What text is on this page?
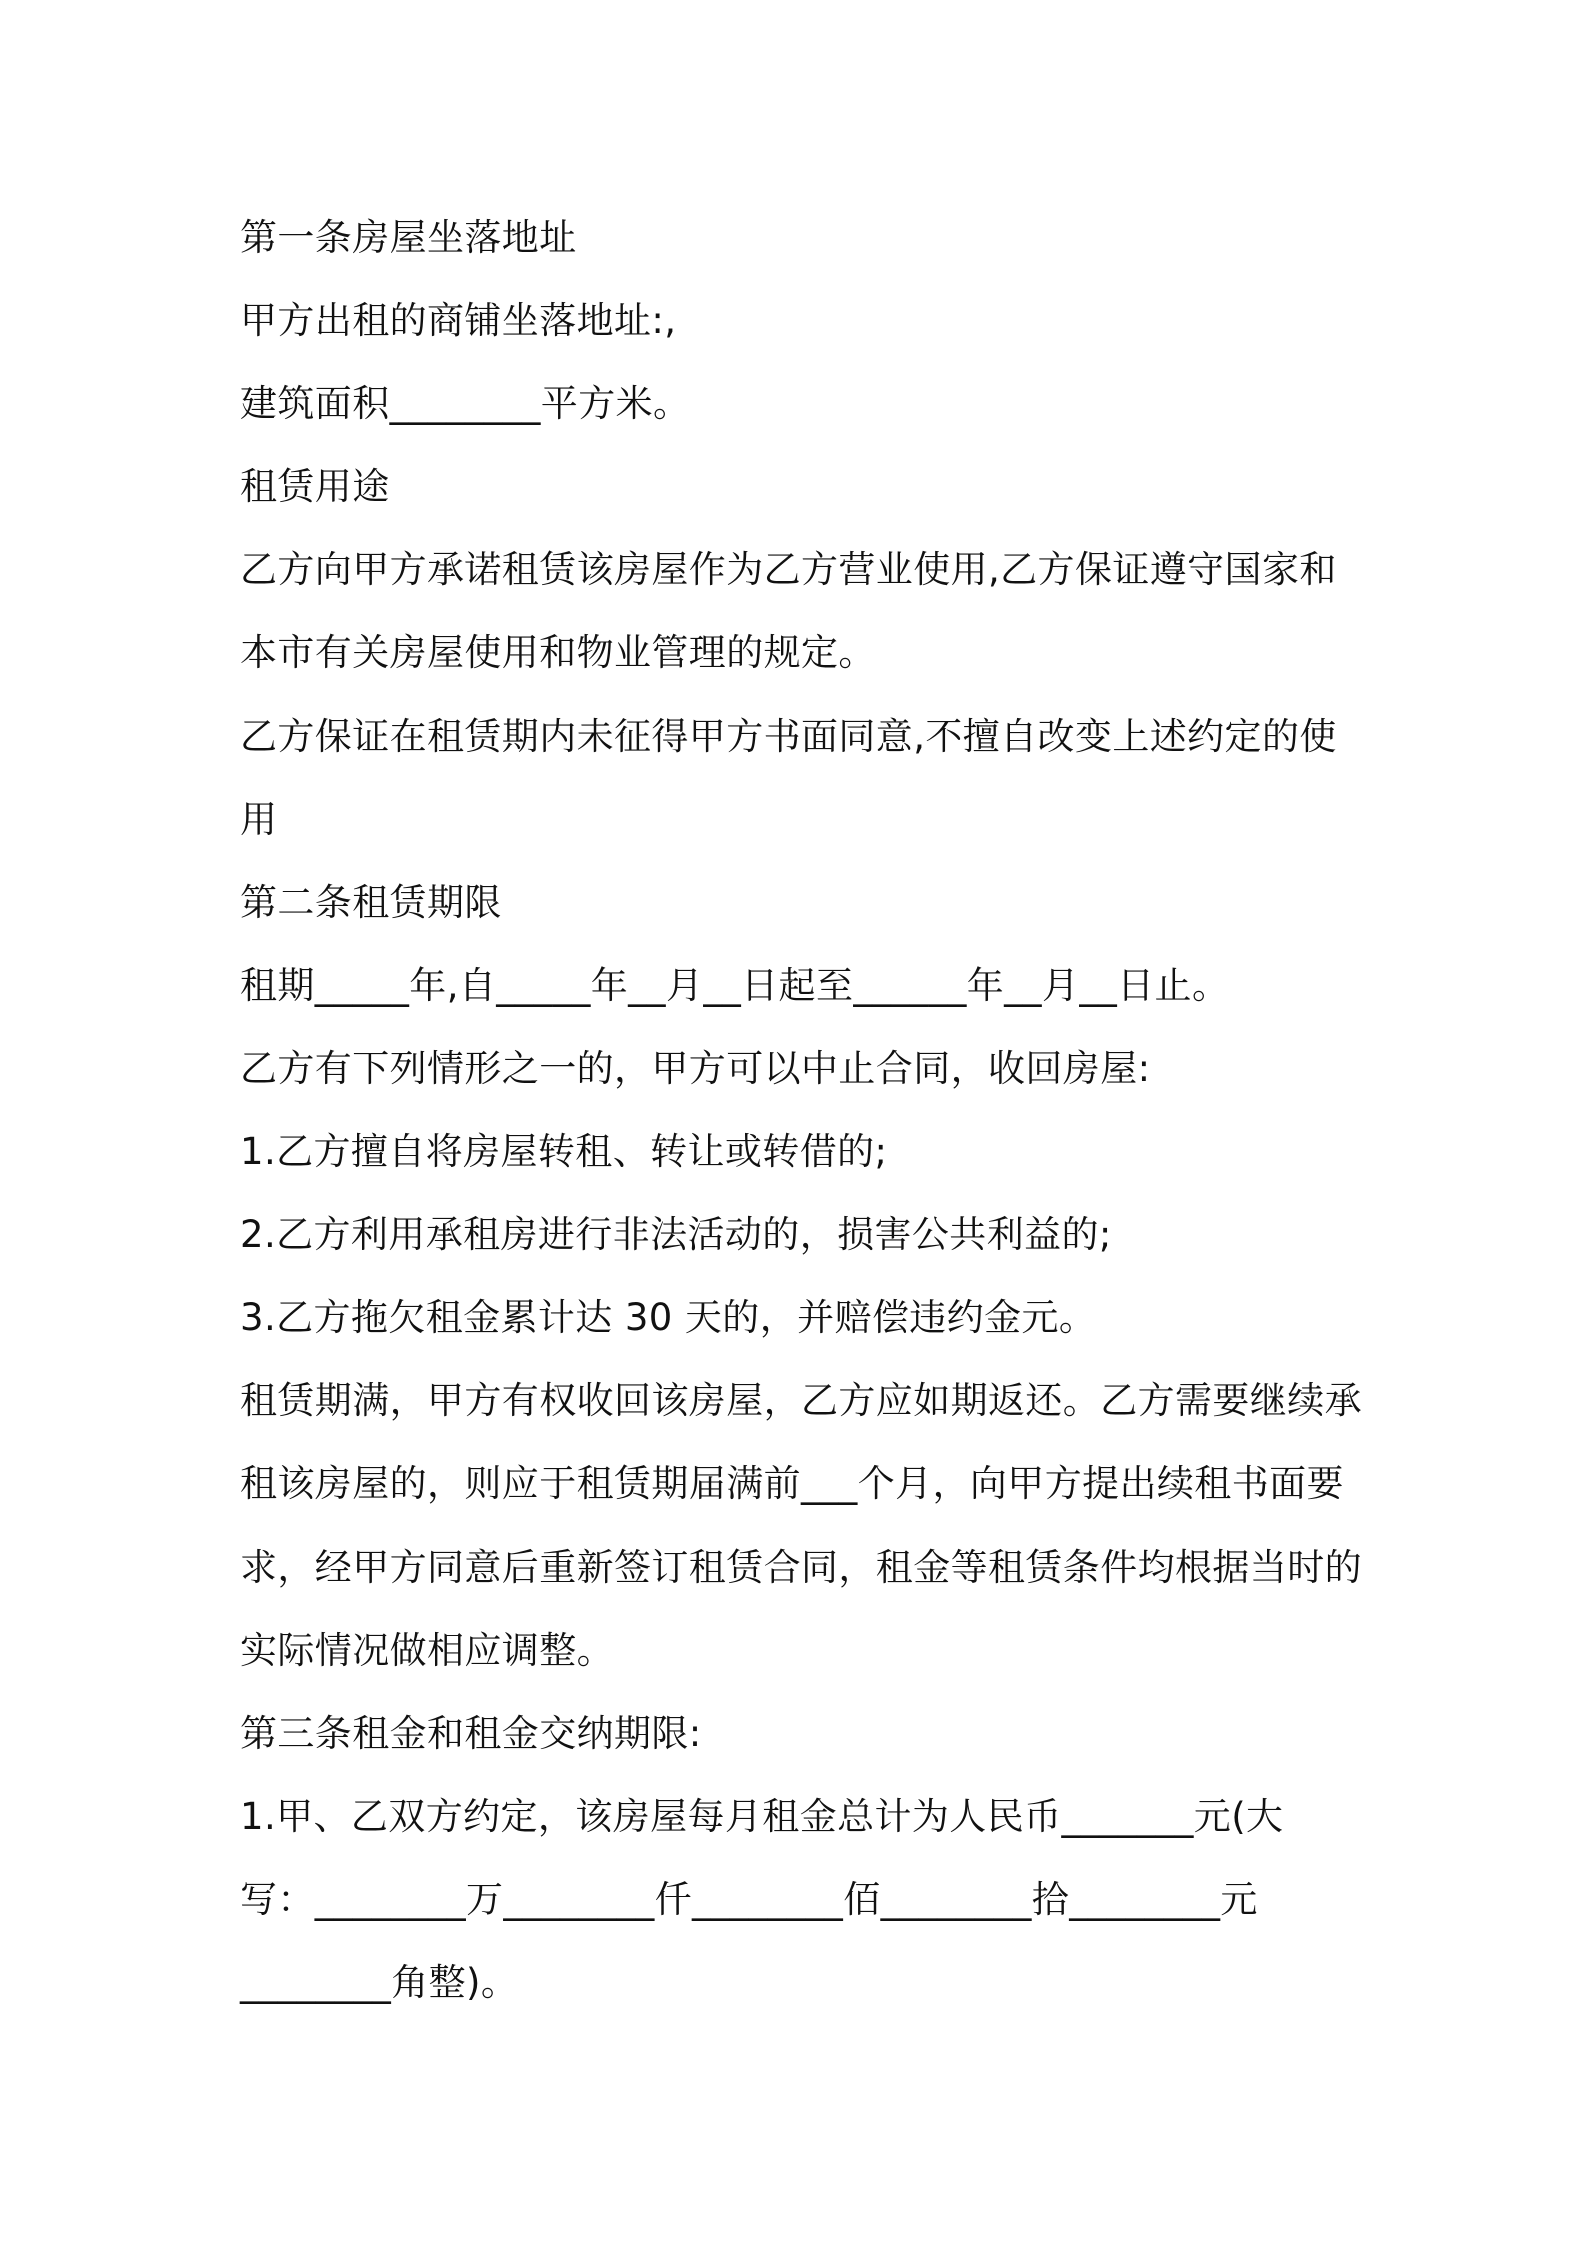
第一条房屋坐落地址

甲方出租的商铺坐落地址:,

建筑面积________平方米。

租赁用途

乙方向甲方承诺租赁该房屋作为乙方营业使用,乙方保证遵守国家和

本市有关房屋使用和物业管理的规定。

乙方保证在租赁期内未征得甲方书面同意,不擅自改变上述约定的使

用

第二条租赁期限

租期_____年,自_____年__月__日起至______年__月__日止。

乙方有下列情形之一的，甲方可以中止合同，收回房屋:

1.乙方擅自将房屋转租、转让或转借的;

2.乙方利用承租房进行非法活动的，损害公共利益的;

3.乙方拖欠租金累计达 30 天的，并赔偿违约金元。

租赁期满，甲方有权收回该房屋，乙方应如期返还。乙方需要继续承

租该房屋的，则应于租赁期届满前___个月，向甲方提出续租书面要

求，经甲方同意后重新签订租赁合同，租金等租赁条件均根据当时的

实际情况做相应调整。

第三条租金和租金交纳期限:

1.甲、乙双方约定，该房屋每月租金总计为人民币_______元(大

写：________万________仟________佰________拾________元

________角整)。
